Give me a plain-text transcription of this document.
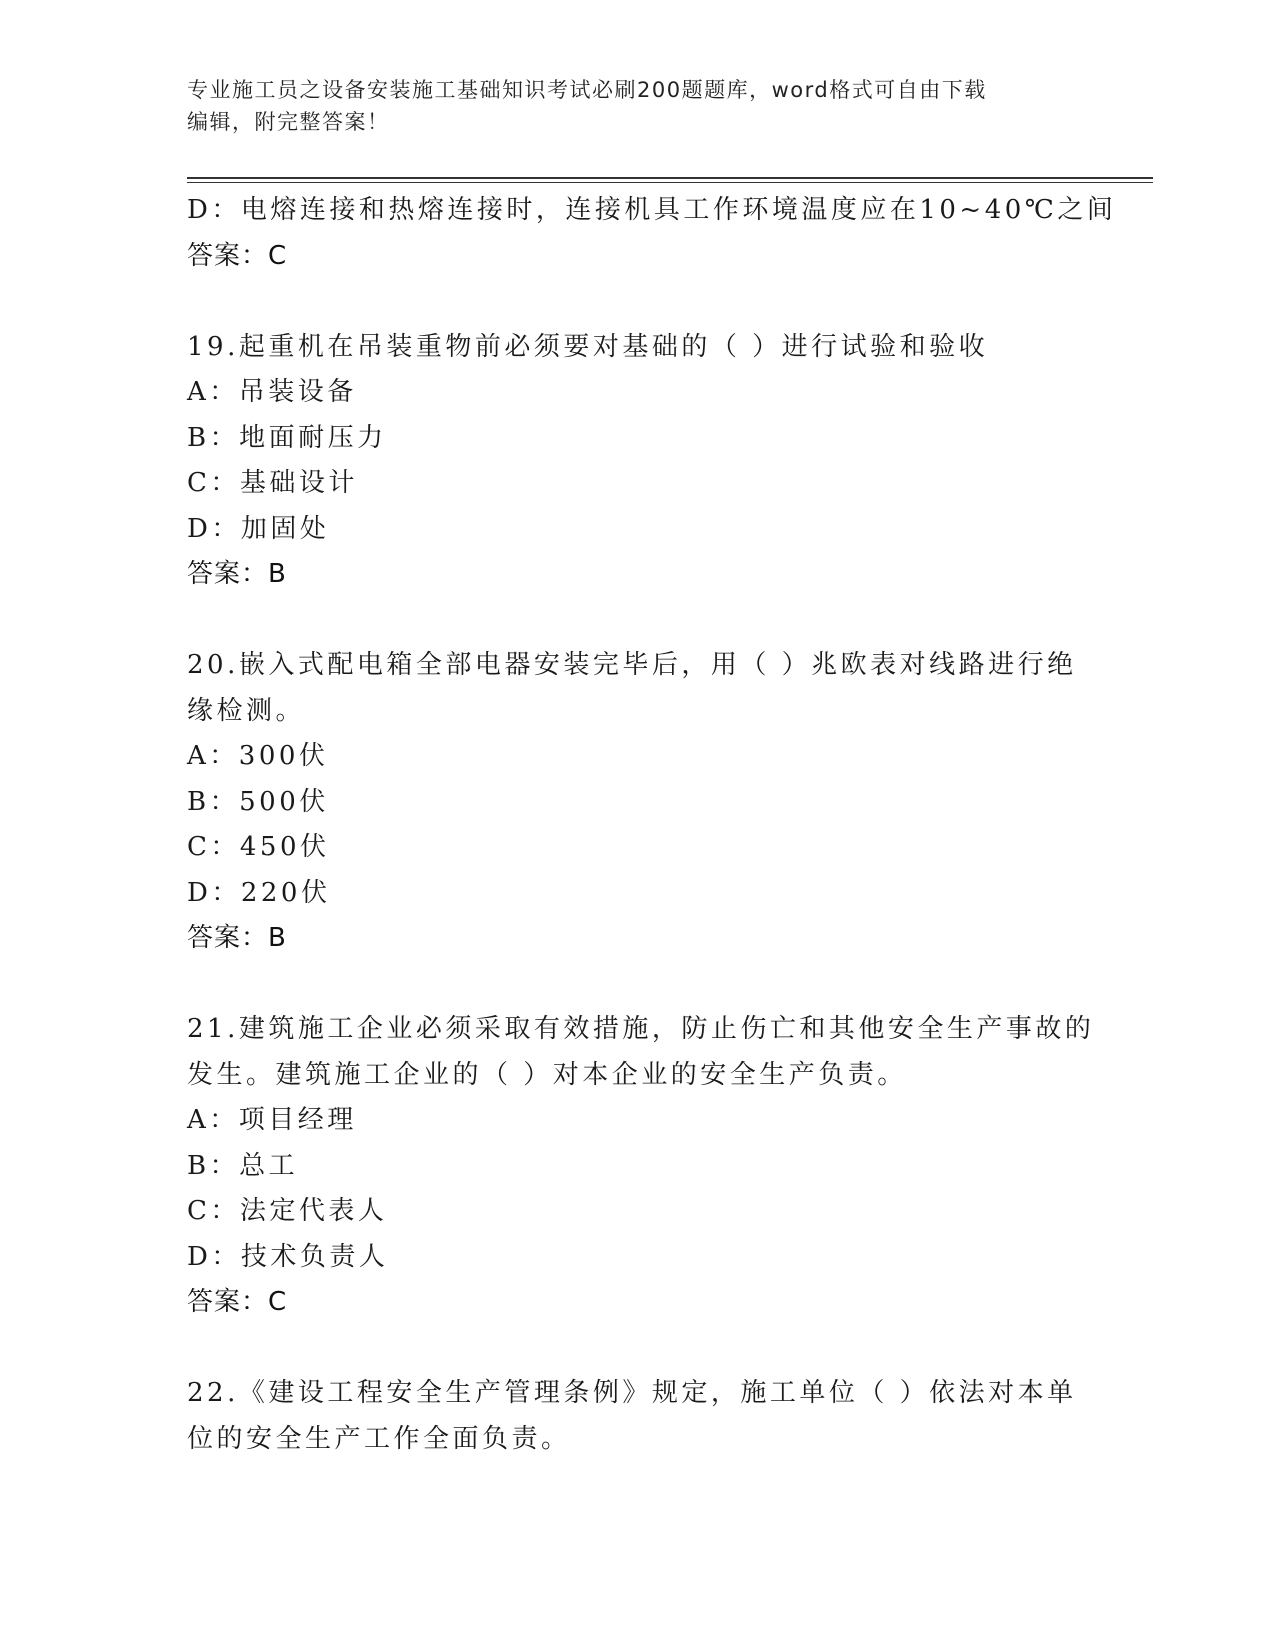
专业施工员之设备安装施工基础知识考试必刷200题题库，word格式可自由下载
编辑，附完整答案！
D：电熔连接和热熔连接时，连接机具工作环境温度应在10~40℃之间
答案：C
19.起重机在吊装重物前必须要对基础的（ ）进行试验和验收
A：吊装设备
B：地面耐压力
C：基础设计
D：加固处
答案：B
20.嵌入式配电箱全部电器安装完毕后，用（ ）兆欧表对线路进行绝
缘检测。
A：300伏
B：500伏
C：450伏
D：220伏
答案：B
21.建筑施工企业必须采取有效措施，防止伤亡和其他安全生产事故的
发生。建筑施工企业的（ ）对本企业的安全生产负责。
A：项目经理
B：总工
C：法定代表人
D：技术负责人
答案：C
22.《建设工程安全生产管理条例》规定，施工单位（ ）依法对本单
位的安全生产工作全面负责。
